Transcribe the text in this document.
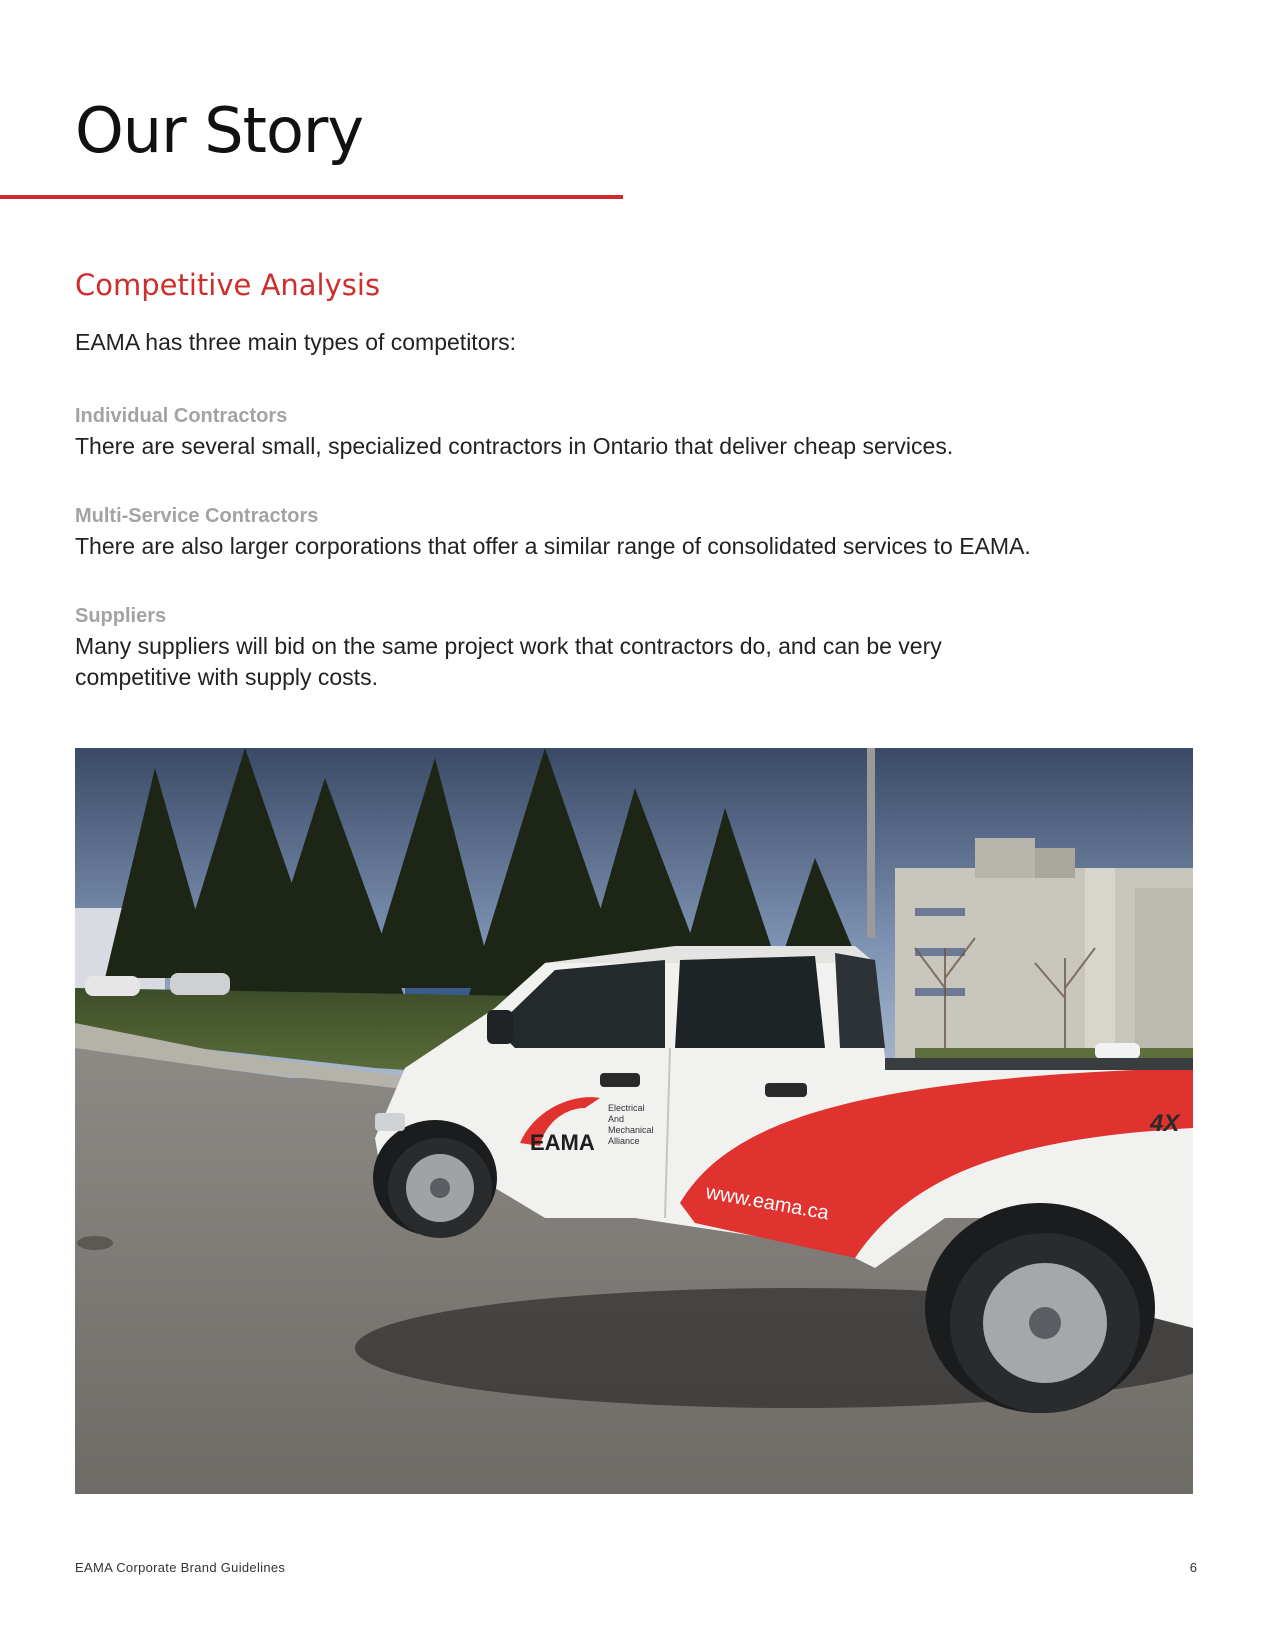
Our Story
Competitive Analysis

EAMA has three main types of competitors:

Individual Contractors

There are several small, specialized contractors in Ontario that deliver cheap services.

Multi-Service Contractors

There are also larger corporations that offer a similar range of consolidated services to EAMA.

Suppliers

Many suppliers will bid on the same project work that contractors do, and can be very competitive with supply costs.

EAMA
Electrical
And
Mechanical
Alliance
www.eama.ca
4X
EAMA Corporate Brand Guidelines	6
